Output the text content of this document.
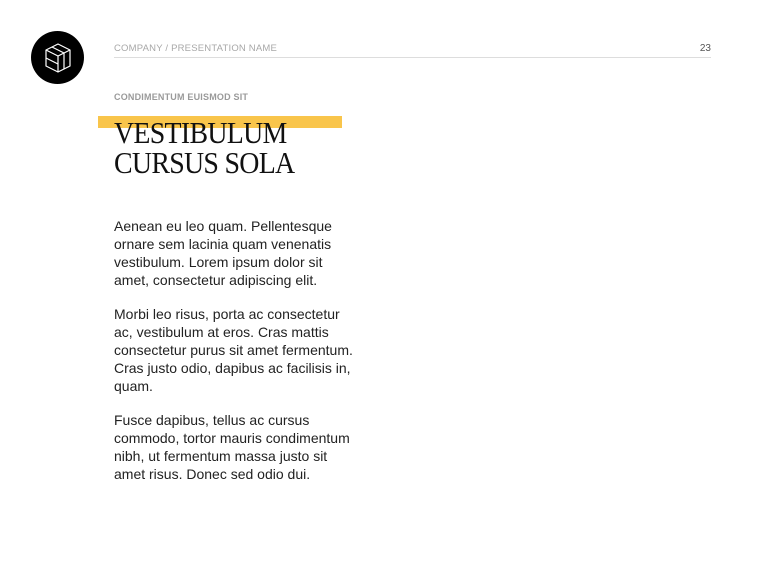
COMPANY / PRESENTATION NAME	23
CONDIMENTUM EUISMOD SIT
VESTIBULUM
CURSUS SOLA

Aenean eu leo quam. Pellentesque ornare sem lacinia quam venenatis vestibulum. Lorem ipsum dolor sit amet, consectetur adipiscing elit.

Morbi leo risus, porta ac consectetur ac, vestibulum at eros. Cras mattis consectetur purus sit amet fermentum. Cras justo odio, dapibus ac facilisis in, quam.

Fusce dapibus, tellus ac cursus commodo, tortor mauris condimentum nibh, ut fermentum massa justo sit amet risus. Donec sed odio dui.
